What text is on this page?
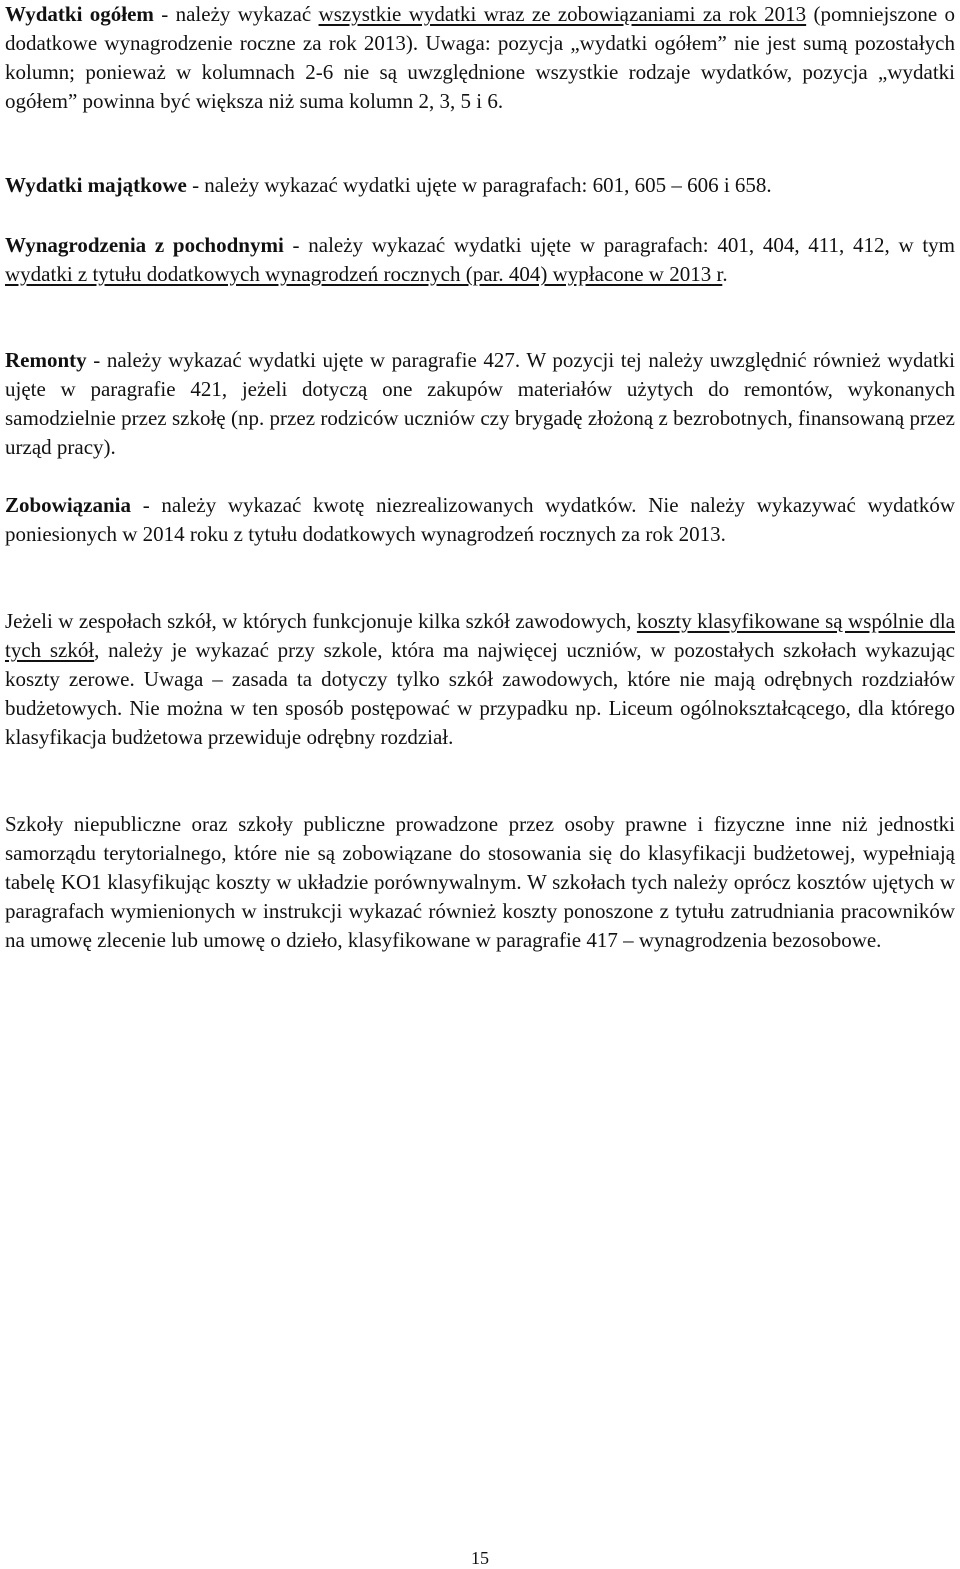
Wydatki ogółem - należy wykazać wszystkie wydatki wraz ze zobowiązaniami za rok 2013 (pomniejszone o dodatkowe wynagrodzenie roczne za rok 2013). Uwaga: pozycja „wydatki ogółem” nie jest sumą pozostałych kolumn; ponieważ w kolumnach 2-6 nie są uwzględnione wszystkie rodzaje wydatków, pozycja „wydatki ogółem” powinna być większa niż suma kolumn 2, 3, 5 i 6.

Wydatki majątkowe - należy wykazać wydatki ujęte w paragrafach: 601, 605 – 606 i 658.

Wynagrodzenia z pochodnymi - należy wykazać wydatki ujęte w paragrafach: 401, 404, 411, 412, w tym wydatki z tytułu dodatkowych wynagrodzeń rocznych (par. 404) wypłacone w 2013 r.

Remonty - należy wykazać wydatki ujęte w paragrafie 427. W pozycji tej należy uwzględnić również wydatki ujęte w paragrafie 421, jeżeli dotyczą one zakupów materiałów użytych do remontów, wykonanych samodzielnie przez szkołę (np. przez rodziców uczniów czy brygadę złożoną z bezrobotnych, finansowaną przez urząd pracy).

Zobowiązania - należy wykazać kwotę niezrealizowanych wydatków. Nie należy wykazywać wydatków poniesionych w 2014 roku z tytułu dodatkowych wynagrodzeń rocznych za rok 2013.

Jeżeli w zespołach szkół, w których funkcjonuje kilka szkół zawodowych, koszty klasyfikowane są wspólnie dla tych szkół, należy je wykazać przy szkole, która ma najwięcej uczniów, w pozostałych szkołach wykazując koszty zerowe. Uwaga – zasada ta dotyczy tylko szkół zawodowych, które nie mają odrębnych rozdziałów budżetowych. Nie można w ten sposób postępować w przypadku np. Liceum ogólnokształcącego, dla którego klasyfikacja budżetowa przewiduje odrębny rozdział.

Szkoły niepubliczne oraz szkoły publiczne prowadzone przez osoby prawne i fizyczne inne niż jednostki samorządu terytorialnego, które nie są zobowiązane do stosowania się do klasyfikacji budżetowej, wypełniają tabelę KO1 klasyfikując koszty w układzie porównywalnym. W szkołach tych należy oprócz kosztów ujętych w paragrafach wymienionych w instrukcji wykazać również koszty ponoszone z tytułu zatrudniania pracowników na umowę zlecenie lub umowę o dzieło, klasyfikowane w paragrafie 417 – wynagrodzenia bezosobowe.

15
